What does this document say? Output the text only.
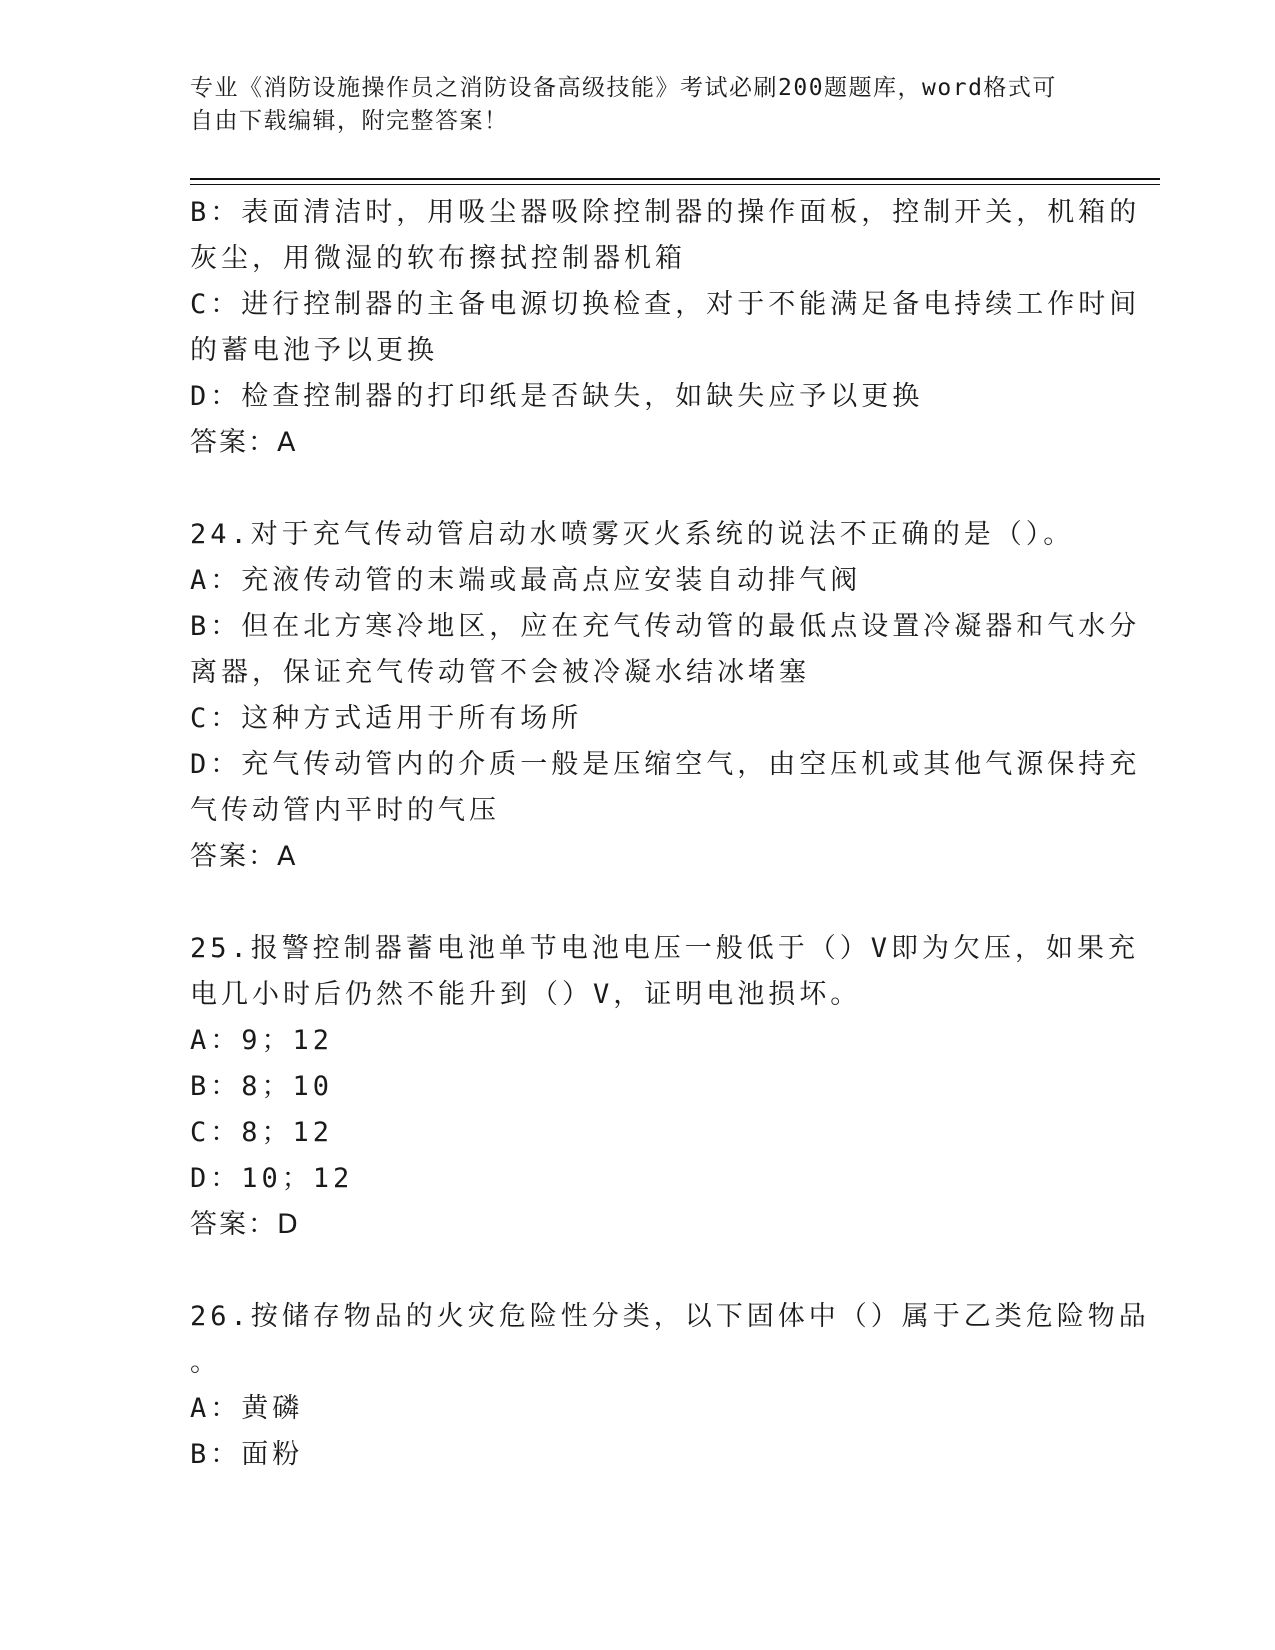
专业《消防设施操作员之消防设备高级技能》考试必刷200题题库，word格式可
自由下载编辑，附完整答案！
B：表面清洁时，用吸尘器吸除控制器的操作面板，控制开关，机箱的
灰尘，用微湿的软布擦拭控制器机箱
C：进行控制器的主备电源切换检查，对于不能满足备电持续工作时间
的蓄电池予以更换
D：检查控制器的打印纸是否缺失，如缺失应予以更换
答案：A
24.对于充气传动管启动水喷雾灭火系统的说法不正确的是（）。
A：充液传动管的末端或最高点应安装自动排气阀
B：但在北方寒冷地区，应在充气传动管的最低点设置冷凝器和气水分
离器，保证充气传动管不会被冷凝水结冰堵塞
C：这种方式适用于所有场所
D：充气传动管内的介质一般是压缩空气，由空压机或其他气源保持充
气传动管内平时的气压
答案：A
25.报警控制器蓄电池单节电池电压一般低于（）V即为欠压，如果充
电几小时后仍然不能升到（）V，证明电池损坏。
A：9；12
B：8；10
C：8；12
D：10；12
答案：D
26.按储存物品的火灾危险性分类，以下固体中（）属于乙类危险物品
。
A：黄磷
B：面粉
